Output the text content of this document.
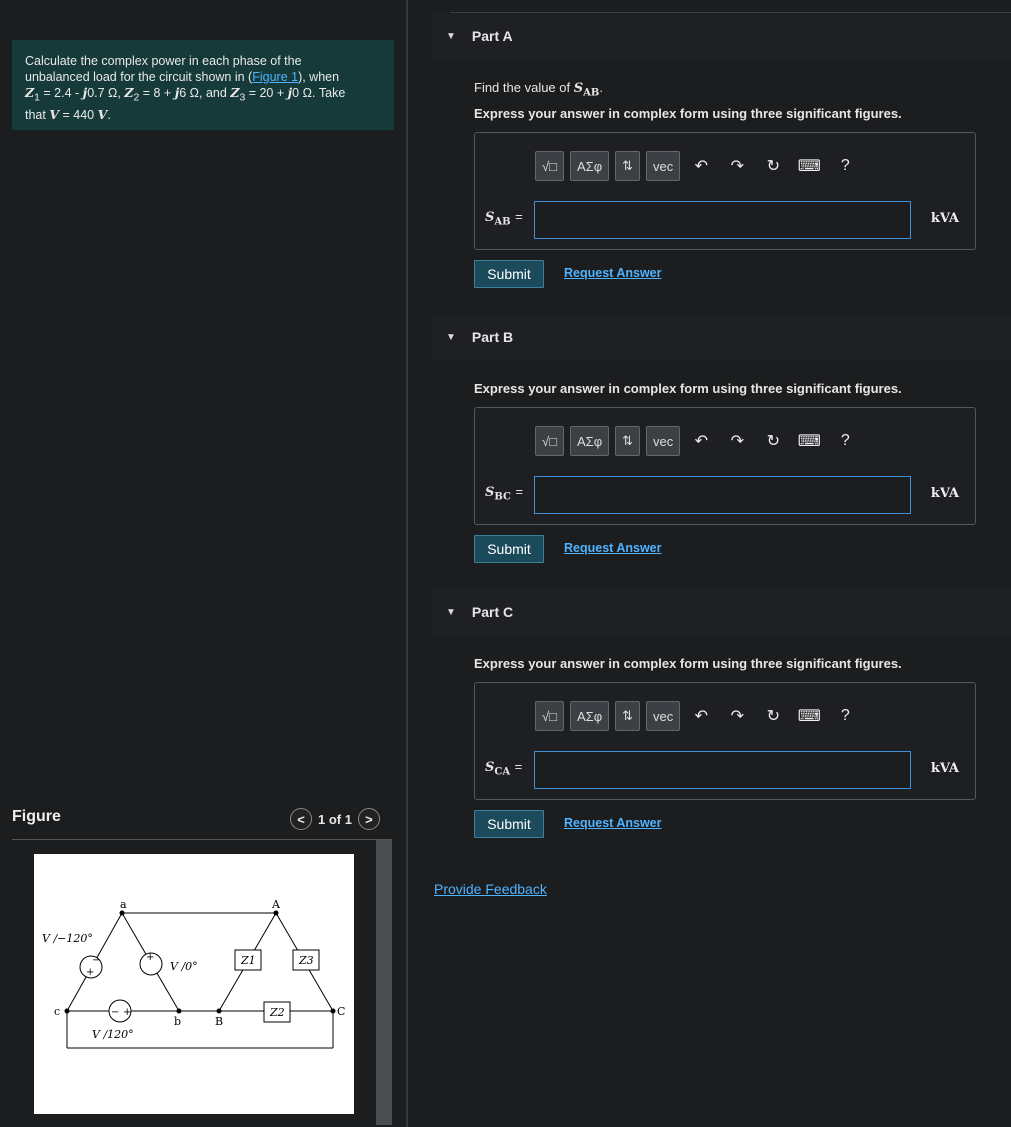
Calculate the complex power in each phase of the
unbalanced load for the circuit shown in (Figure 1), when
$Z_1 = 2.4 - j0.7$ Ω, $Z_2 = 8 + j6$ Ω, and $Z_3 = 20 + j0$ Ω. Take
that V = 440 V.
Figure	<	1 of 1	>
a	A
b	B
c	C
V /−120°
V /0°
V /120°
Z1	Z3
Z2
+
−	+
− +
▼ Part A
Find the value of $S_{AB}$.
Express your answer in complex form using three significant figures.
√□	ΑΣφ	⇅	vec	↶	↷	↻	⌨	?
$S_{AB}$ =	kVA
Submit	Request Answer
▼ Part B
Express your answer in complex form using three significant figures.
√□	ΑΣφ	⇅	vec	↶	↷	↻	⌨	?
$S_{BC}$ =	kVA
Submit	Request Answer
▼ Part C
Express your answer in complex form using three significant figures.
√□	ΑΣφ	⇅	vec	↶	↷	↻	⌨	?
$S_{CA}$ =	kVA
Submit	Request Answer
Provide Feedback
